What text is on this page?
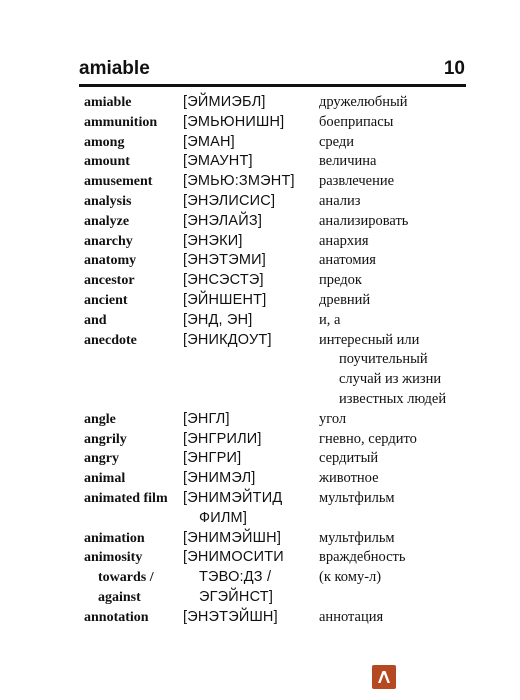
amiable	10
amiable	[ЭЙМИЭБЛ]	дружелюбный
ammunition [ЭМЬЮНИШН] боеприпасы
among	[ЭМАН]	среди
amount	[ЭМАУНТ]	величина
amusement [ЭМЬЮ:ЗМЭНТ] развлечение
analysis	[ЭНЭЛИСИС]	анализ
analyze	[ЭНЭЛАЙЗ]	анализировать
anarchy	[ЭНЭКИ]	анархия
anatomy	[ЭНЭТЭМИ]	анатомия
ancestor	[ЭНСЭСТЭ]	предок
ancient	[ЭЙНШЕНТ]	древний
and	[ЭНД, ЭН]	и, а
anecdote	[ЭНИКДОУТ]	интересный или
поучительный
случай из жизни
известных людей
angle	[ЭНГЛ]	угол
angrily	[ЭНГРИЛИ]	гневно, сердито
angry	[ЭНГРИ]	сердитый
animal	[ЭНИМЭЛ]	животное
animated film [ЭНИМЭЙТИД	мультфильм
ФИЛМ]
animation	[ЭНИМЭЙШН]	мультфильм
animosity	[ЭНИМОСИТИ враждебность
towards /	ТЭВО:ДЗ /	(к кому-л)
against	ЭГЭЙНСТ]
annotation [ЭНЭТЭЙШН]	аннотация
